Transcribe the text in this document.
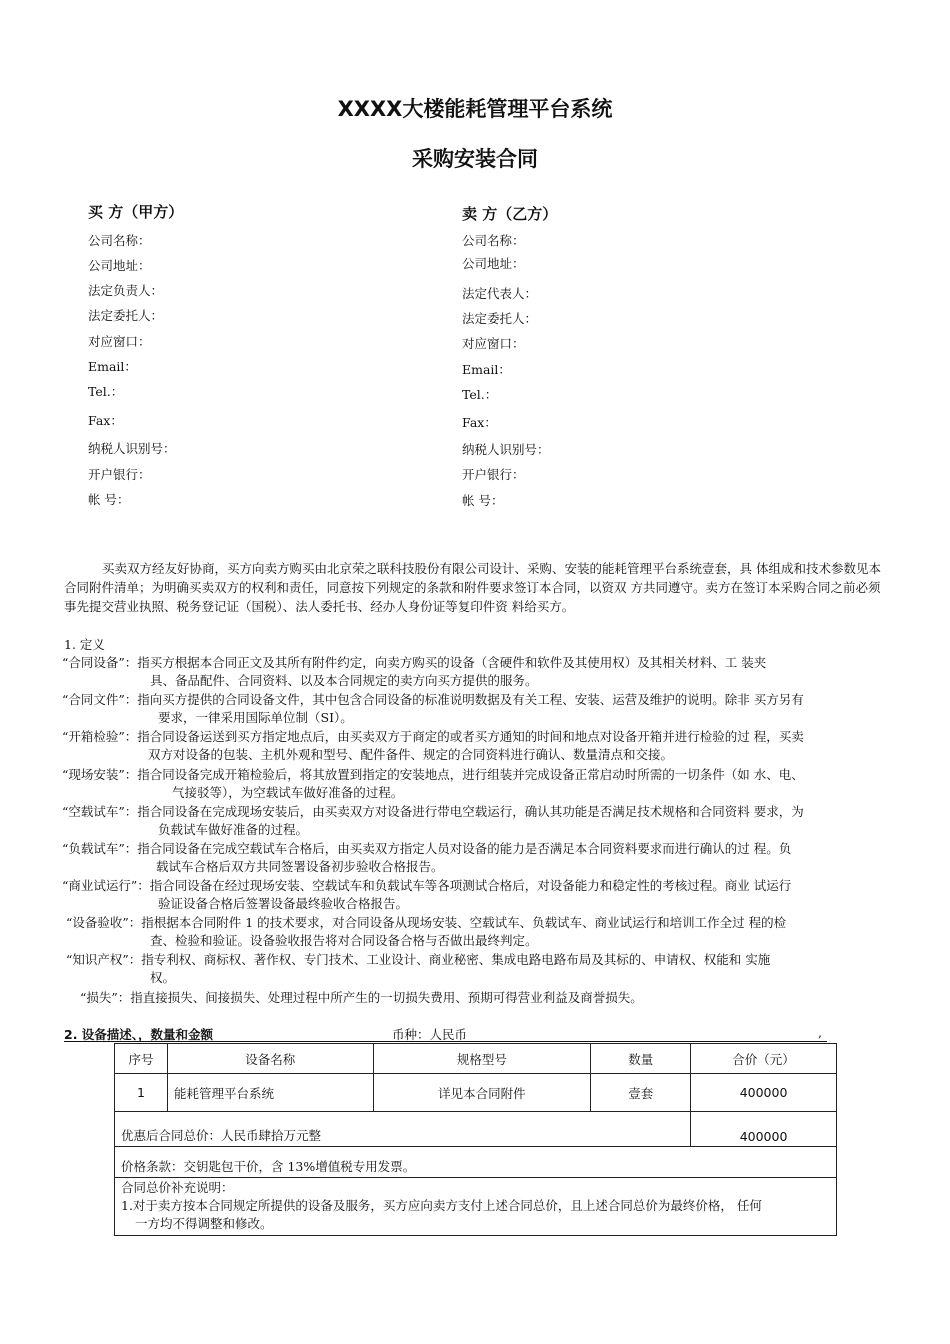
XXXX大楼能耗管理平台系统
采购安装合同
买 方（甲方）
公司名称：
公司地址：
法定负责人：
法定委托人：
对应窗口：
Email：
Tel.：
Fax：
纳税人识别号：
开户银行：
帐 号：
卖 方（乙方）
公司名称：
公司地址：
法定代表人：
法定委托人：
对应窗口：
Email：
Tel.：
Fax：
纳税人识别号：
开户银行：
帐 号：
买卖双方经友好协商，买方向卖方购买由北京荣之联科技股份有限公司设计、采购、安装的能耗管理平台系统壹套，具 体组成和技术参数见本合同附件清单；为明确买卖双方的权利和责任，同意按下列规定的条款和附件要求签订本合同，以资双 方共同遵守。卖方在签订本采购合同之前必须事先提交营业执照、税务登记证（国税）、法人委托书、经办人身份证等复印件资 料给买方。
1. 定义
“合同设备”：指买方根据本合同正文及其所有附件约定，向卖方购买的设备（含硬件和软件及其使用权）及其相关材料、工 装夹
具、备品配件、合同资料、以及本合同规定的卖方向买方提供的服务。
“合同文件”：指向买方提供的合同设备文件，其中包含合同设备的标准说明数据及有关工程、安装、运营及维护的说明。除非 买方另有
要求，一律采用国际单位制（SI）。
“开箱检验”：指合同设备运送到买方指定地点后，由买卖双方于商定的或者买方通知的时间和地点对设备开箱并进行检验的过 程，买卖
双方对设备的包装、主机外观和型号、配件备件、规定的合同资料进行确认、数量清点和交接。
“现场安装”：指合同设备完成开箱检验后，将其放置到指定的安装地点，进行组装并完成设备正常启动时所需的一切条件（如 水、电、
气接驳等），为空载试车做好准备的过程。
“空载试车”：指合同设备在完成现场安装后，由买卖双方对设备进行带电空载运行，确认其功能是否满足技术规格和合同资料 要求，为
负载试车做好准备的过程。
“负载试车”：指合同设备在完成空载试车合格后，由买卖双方指定人员对设备的能力是否满足本合同资料要求而进行确认的过 程。负
载试车合格后双方共同签署设备初步验收合格报告。
“商业试运行”：指合同设备在经过现场安装、空载试车和负载试车等各项测试合格后，对设备能力和稳定性的考核过程。商业 试运行
验证设备合格后签署设备最终验收合格报告。
“设备验收”：指根据本合同附件 1 的技术要求，对合同设备从现场安装、空载试车、负载试车、商业试运行和培训工作全过 程的检
查、检验和验证。设备验收报告将对合同设备合格与否做出最终判定。
“知识产权”：指专利权、商标权、著作权、专门技术、工业设计、商业秘密、集成电路电路布局及其标的、申请权、权能和 实施
权。
“损失”：指直接损失、间接损失、处理过程中所产生的一切损失费用、预期可得营业利益及商誉损失。
2. 设备描述、，数量和金额	币种：人民币	,
序号	设备名称	规格型号	数量	合价（元）
1	能耗管理平台系统	详见本合同附件	壹套	400000
优惠后合同总价：人民币肆拾万元整				400000
价格条款：交钥匙包干价，含 13%增值税专用发票。				

合同总价补充说明：
1.对于卖方按本合同规定所提供的设备及服务，买方应向卖方支付上述合同总价，且上述合同总价为最终价格， 任何
一方均不得调整和修改。				
